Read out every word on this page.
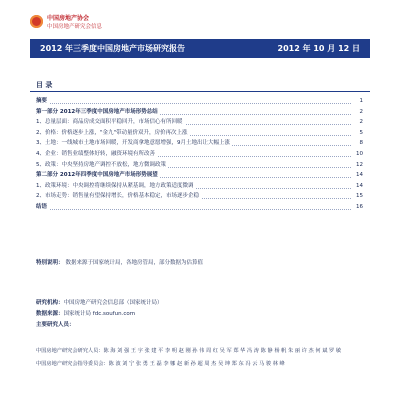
中国房地产协会
中国房地产研究会信息
2012 年三季度中国房地产市场研究报告	2012 年 10 月 12 日
目 录
摘要	1
第一部分 2012年三季度中国房地产市场形势总结	2
1、总量层面：商品房成交面积平稳回升，市场信心有所回暖	2
2、价格：价格逐步上涨，"金九"带动量价双升，房价再次上涨	5
3、土地：一线城市土地市场回暖，开发商拿地意愿增强，9月土地出让大幅上涨	8
4、企业：销售业绩整体好转，融资环境有所改善	10
5、政策：中央坚持房地产调控不放松，地方微调政策	12
第二部分 2012年四季度中国房地产市场形势展望	14
1、政策环境：中央调控将继续保持从紧基调，地方政策适度微调	14
2、市场走势：销售量有望保持增长，价格基本稳定，市场逐步企稳	15
结语	16
特别说明： 数据来源于国家统计局，各地房管局，部分数据为估算值
研究机构：中国房地产研究会信息部（国家统计局）
数据来源：国家统计局 fdc.soufun.com
主要研究人员：

中国房地产研究会研究人员：陈 海 刘 强 王 宇 张 建 平 李 明 赵 刚 孙 伟 周 红 吴 军 郑 华 冯 涛 陈 静 杨 帆 朱 丽 许 杰 何 斌 罗 敏

中国房地产研究会指导委员会：陈 波 刘 宁 张 勇 王 磊 李 娜 赵 新 孙 超 周 杰 吴 坤 郑 东 冯 云 马 骏 林 峰
